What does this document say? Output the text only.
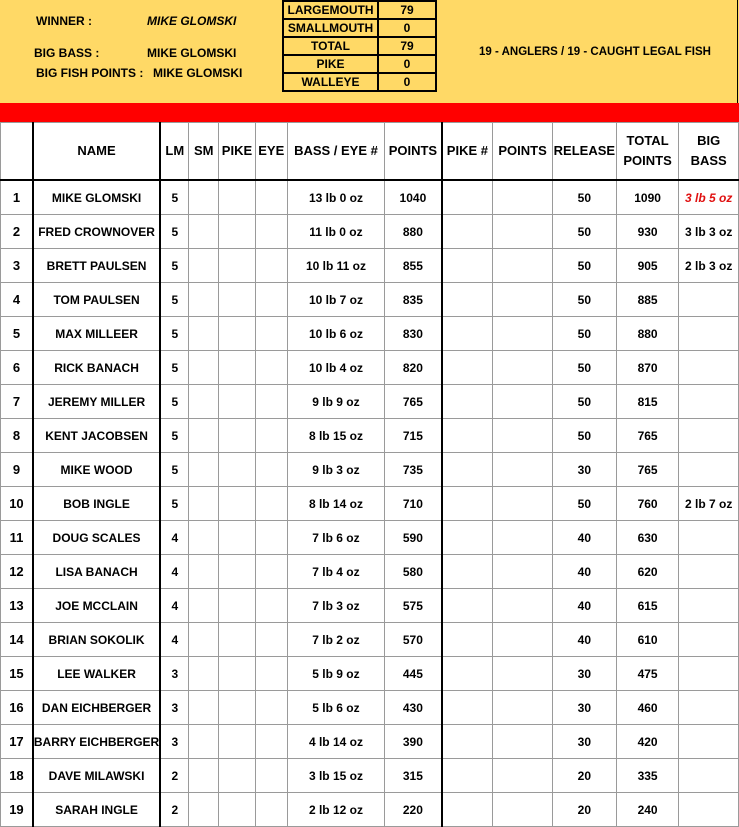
WINNER :	MIKE GLOMSKI
BIG BASS :	MIKE GLOMSKI
BIG FISH POINTS : MIKE GLOMSKI
LARGEMOUTH	79
SMALLMOUTH	0
TOTAL	79
PIKE	0
WALLEYE	0
19 - ANGLERS / 19 - CAUGHT LEGAL FISH
	NAME	LM	SM	PIKE	EYE	BASS / EYE #	POINTS	PIKE #	POINTS	RELEASE	TOTAL POINTS	BIG BASS
1	MIKE GLOMSKI	5				13 lb 0 oz	1040			50	1090	3 lb 5 oz
2	FRED CROWNOVER	5				11 lb 0 oz	880			50	930	3 lb 3 oz
3	BRETT PAULSEN	5				10 lb 11 oz	855			50	905	2 lb 3 oz
4	TOM PAULSEN	5				10 lb 7 oz	835			50	885	
5	MAX MILLEER	5				10 lb 6 oz	830			50	880	
6	RICK BANACH	5				10 lb 4 oz	820			50	870	
7	JEREMY MILLER	5				9 lb 9 oz	765			50	815	
8	KENT JACOBSEN	5				8 lb 15 oz	715			50	765	
9	MIKE WOOD	5				9 lb 3 oz	735			30	765	
10	BOB INGLE	5				8 lb 14 oz	710			50	760	2 lb 7 oz
11	DOUG SCALES	4				7 lb 6 oz	590			40	630	
12	LISA BANACH	4				7 lb 4 oz	580			40	620	
13	JOE MCCLAIN	4				7 lb 3 oz	575			40	615	
14	BRIAN SOKOLIK	4				7 lb 2 oz	570			40	610	
15	LEE WALKER	3				5 lb 9 oz	445			30	475	
16	DAN EICHBERGER	3				5 lb 6 oz	430			30	460	
17	BARRY EICHBERGER	3				4 lb 14 oz	390			30	420	
18	DAVE MILAWSKI	2				3 lb 15 oz	315			20	335	
19	SARAH INGLE	2				2 lb 12 oz	220			20	240	
